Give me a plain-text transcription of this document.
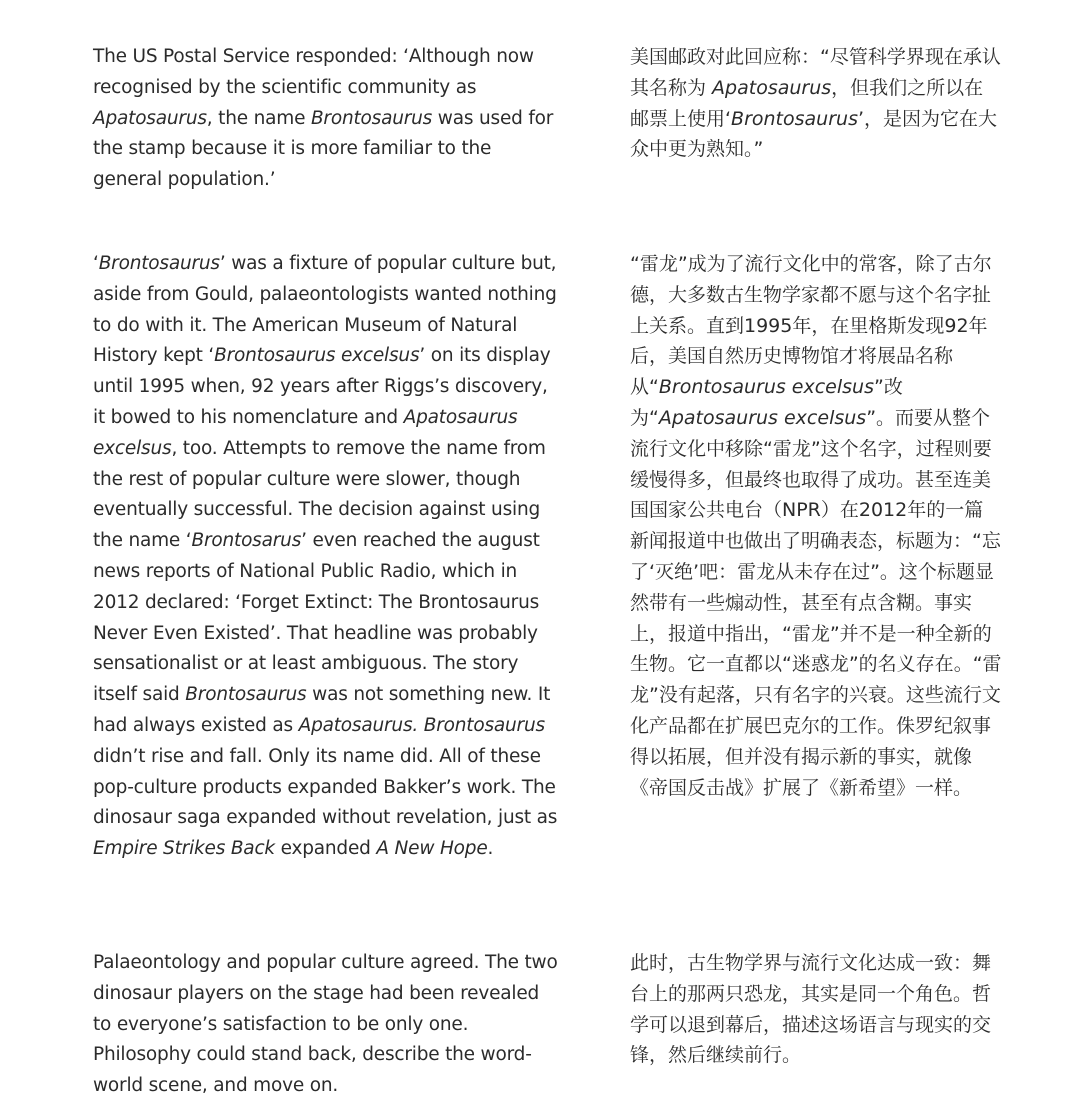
The US Postal Service responded: ‘Although now recognised by the scientific community as Apatosaurus, the name Brontosaurus was used for the stamp because it is more familiar to the general population.’

美国邮政对此回应称：“尽管科学界现在承认其名称为 Apatosaurus，但我们之所以在邮票上使用‘Brontosaurus’，是因为它在大众中更为熟知。”

‘Brontosaurus’ was a fixture of popular culture but, aside from Gould, palaeontologists wanted nothing to do with it. The American Museum of Natural History kept ‘Brontosaurus excelsus’ on its display until 1995 when, 92 years after Riggs’s discovery, it bowed to his nomenclature and Apatosaurus excelsus, too. Attempts to remove the name from the rest of popular culture were slower, though eventually successful. The decision against using the name ‘Brontosarus’ even reached the august news reports of National Public Radio, which in 2012 declared: ‘Forget Extinct: The Brontosaurus Never Even Existed’. That headline was probably sensationalist or at least ambiguous. The story itself said Brontosaurus was not something new. It had always existed as Apatosaurus. Brontosaurus didn’t rise and fall. Only its name did. All of these pop-culture products expanded Bakker’s work. The dinosaur saga expanded without revelation, just as Empire Strikes Back expanded A New Hope.

“雷龙”成为了流行文化中的常客，除了古尔德，大多数古生物学家都不愿与这个名字扯上关系。直到1995年，在里格斯发现92年后，美国自然历史博物馆才将展品名称从“Brontosaurus excelsus”改为“Apatosaurus excelsus”。而要从整个流行文化中移除“雷龙”这个名字，过程则要缓慢得多，但最终也取得了成功。甚至连美国国家公共电台（NPR）在2012年的一篇新闻报道中也做出了明确表态，标题为：“忘了‘灭绝’吧：雷龙从未存在过”。这个标题显然带有一些煽动性，甚至有点含糊。事实上，报道中指出，“雷龙”并不是一种全新的生物。它一直都以“迷惑龙”的名义存在。“雷龙”没有起落，只有名字的兴衰。这些流行文化产品都在扩展巴克尔的工作。侏罗纪叙事得以拓展，但并没有揭示新的事实，就像《帝国反击战》扩展了《新希望》一样。

Palaeontology and popular culture agreed. The two dinosaur players on the stage had been revealed to everyone’s satisfaction to be only one. Philosophy could stand back, describe the word-world scene, and move on.

此时，古生物学界与流行文化达成一致：舞台上的那两只恐龙，其实是同一个角色。哲学可以退到幕后，描述这场语言与现实的交锋，然后继续前行。
